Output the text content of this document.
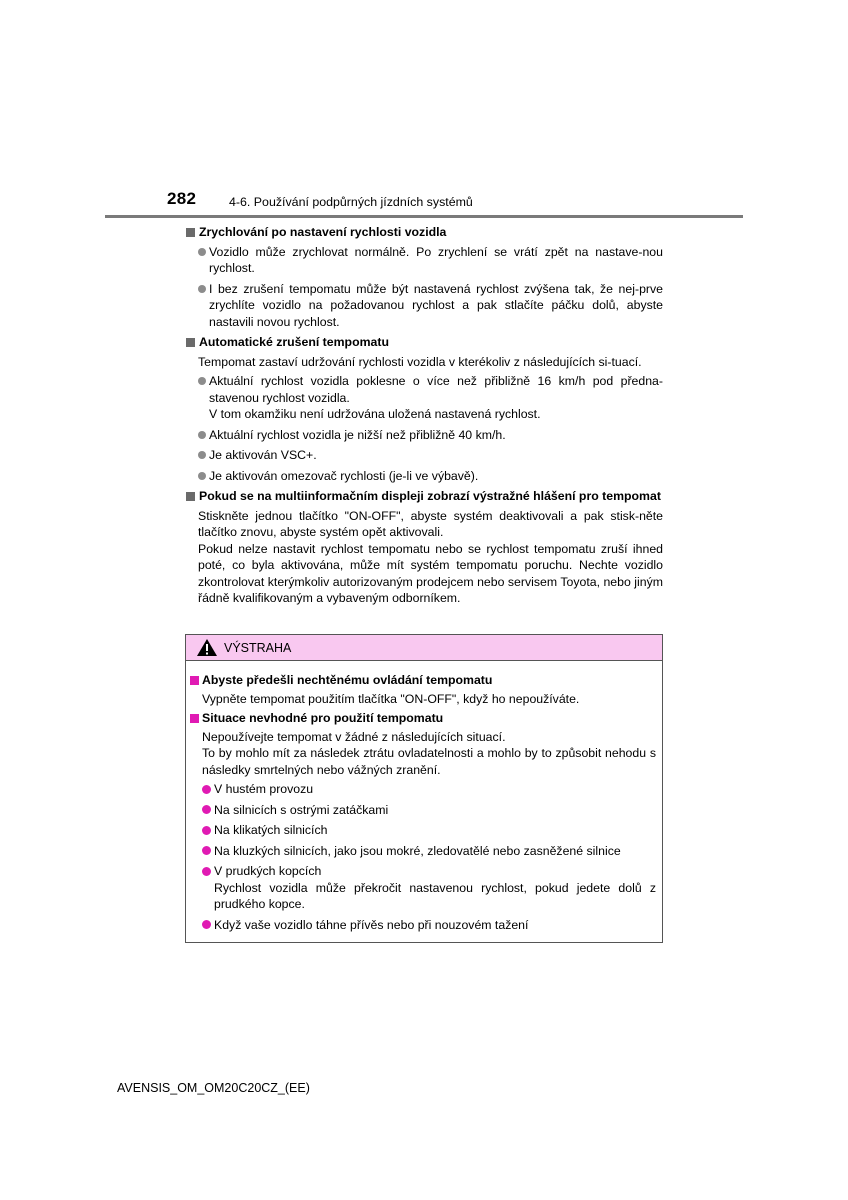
282	4-6. Používání podpůrných jízdních systémů
Zrychlování po nastavení rychlosti vozidla
Vozidlo může zrychlovat normálně. Po zrychlení se vrátí zpět na nastave-nou rychlost.
I bez zrušení tempomatu může být nastavená rychlost zvýšena tak, že nej-prve zrychlíte vozidlo na požadovanou rychlost a pak stlačíte páčku dolů, abyste nastavili novou rychlost.
Automatické zrušení tempomatu
Tempomat zastaví udržování rychlosti vozidla v kterékoliv z následujících si-tuací.
Aktuální rychlost vozidla poklesne o více než přibližně 16 km/h pod předna-stavenou rychlost vozidla.
V tom okamžiku není udržována uložená nastavená rychlost.
Aktuální rychlost vozidla je nižší než přibližně 40 km/h.
Je aktivován VSC+.
Je aktivován omezovač rychlosti (je-li ve výbavě).
Pokud se na multiinformačním displeji zobrazí výstražné hlášení pro tempomat
Stiskněte jednou tlačítko "ON-OFF", abyste systém deaktivovali a pak stisk-něte tlačítko znovu, abyste systém opět aktivovali.
Pokud nelze nastavit rychlost tempomatu nebo se rychlost tempomatu zruší ihned poté, co byla aktivována, může mít systém tempomatu poruchu. Nechte vozidlo zkontrolovat kterýmkoliv autorizovaným prodejcem nebo servisem Toyota, nebo jiným řádně kvalifikovaným a vybaveným odborníkem.
VÝSTRAHA
Abyste předešli nechtěnému ovládání tempomatu
Vypněte tempomat použitím tlačítka "ON-OFF", když ho nepoužíváte.
Situace nevhodné pro použití tempomatu
Nepoužívejte tempomat v žádné z následujících situací.
To by mohlo mít za následek ztrátu ovladatelnosti a mohlo by to způsobit nehodu s následky smrtelných nebo vážných zranění.
V hustém provozu
Na silnicích s ostrými zatáčkami
Na klikatých silnicích
Na kluzkých silnicích, jako jsou mokré, zledovatělé nebo zasněžené silnice
V prudkých kopcích
Rychlost vozidla může překročit nastavenou rychlost, pokud jedete dolů z prudkého kopce.
Když vaše vozidlo táhne přívěs nebo při nouzovém tažení
AVENSIS_OM_OM20C20CZ_(EE)
